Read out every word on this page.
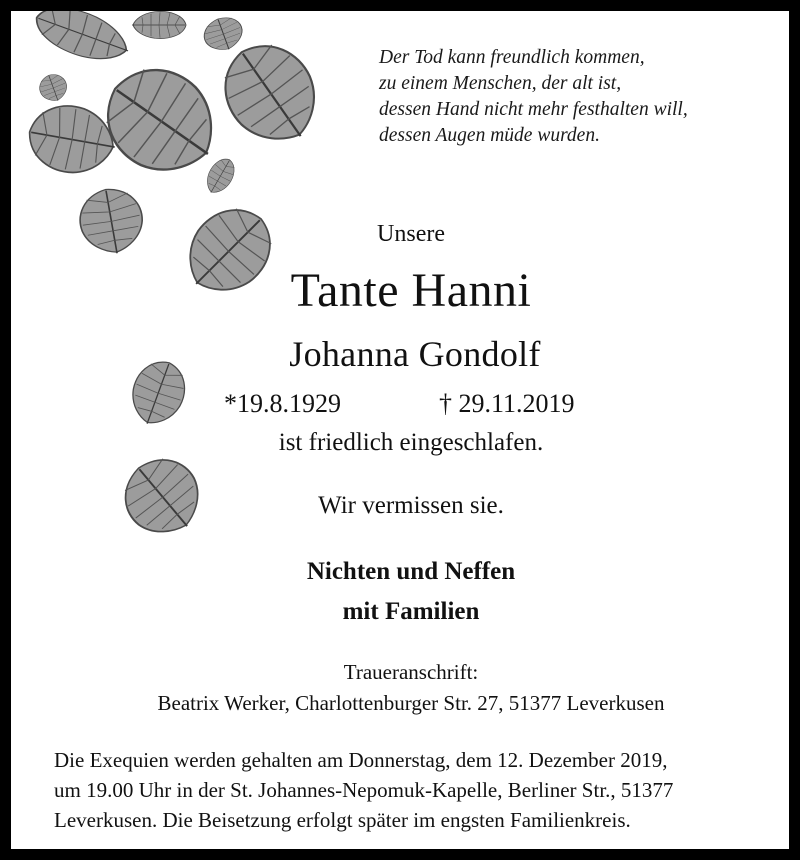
Der Tod kann freundlich kommen,
zu einem Menschen, der alt ist,
dessen Hand nicht mehr festhalten will,
dessen Augen müde wurden.
Unsere
Tante Hanni
Johanna Gondolf
*19.8.1929	† 29.11.2019
ist friedlich eingeschlafen.
Wir vermissen sie.
Nichten und Neffen
mit Familien
Traueranschrift:
Beatrix Werker, Charlottenburger Str. 27, 51377 Leverkusen
Die Exequien werden gehalten am Donnerstag, dem 12. Dezember 2019,
um 19.00 Uhr in der St. Johannes-Nepomuk-Kapelle, Berliner Str., 51377
Leverkusen. Die Beisetzung erfolgt später im engsten Familienkreis.
